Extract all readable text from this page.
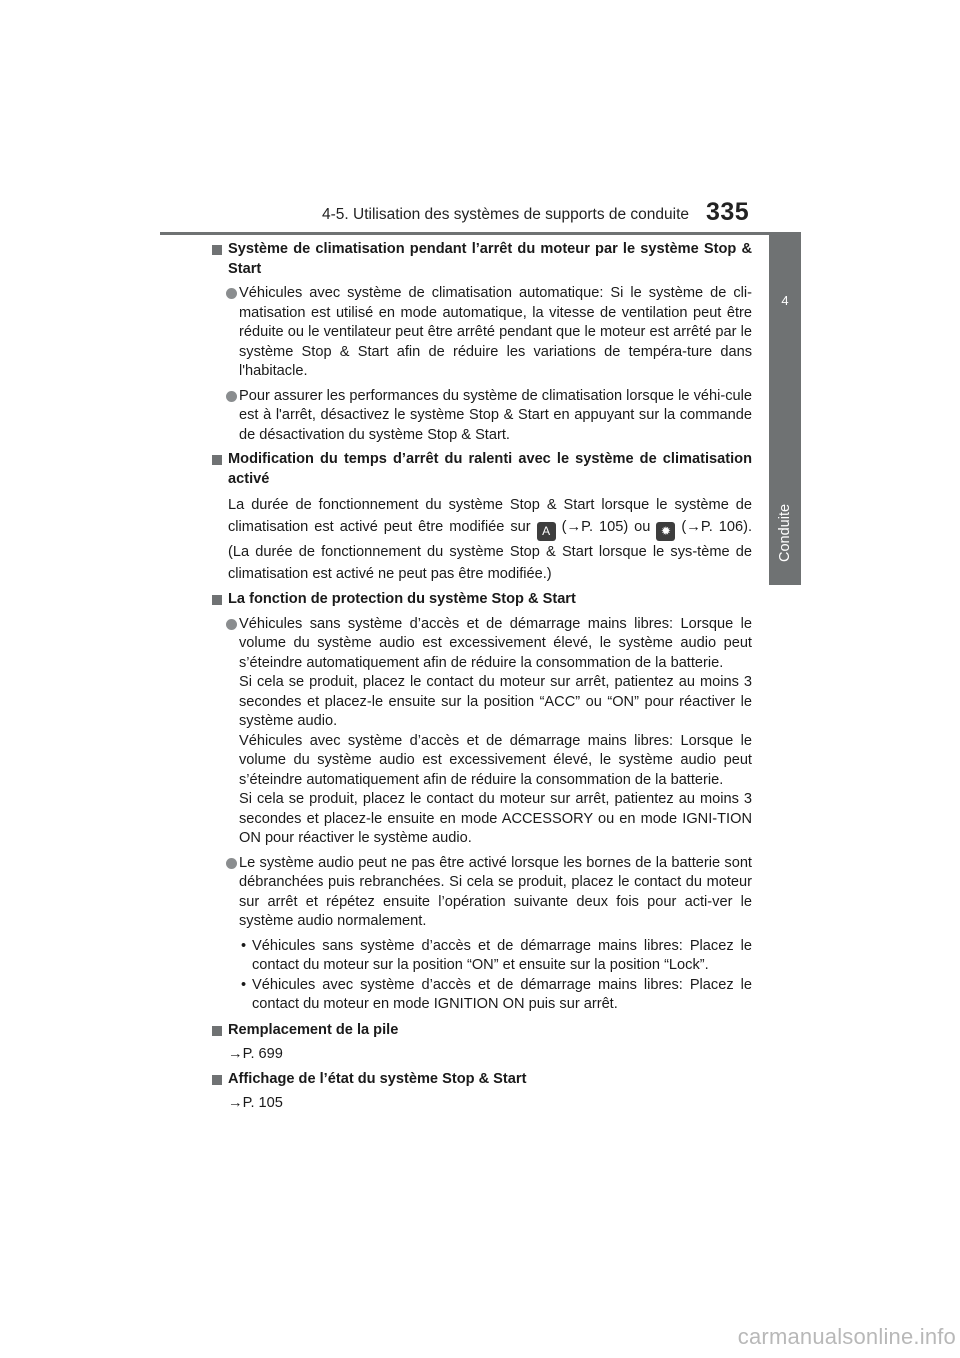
4-5. Utilisation des systèmes de supports de conduite 335
4
Conduite
Système de climatisation pendant l’arrêt du moteur par le système Stop & Start
Véhicules avec système de climatisation automatique: Si le système de cli-matisation est utilisé en mode automatique, la vitesse de ventilation peut être réduite ou le ventilateur peut être arrêté pendant que le moteur est arrêté par le système Stop & Start afin de réduire les variations de tempéra-ture dans l'habitacle.
Pour assurer les performances du système de climatisation lorsque le véhi-cule est à l'arrêt, désactivez le système Stop & Start en appuyant sur la commande de désactivation du système Stop & Start.
Modification du temps d’arrêt du ralenti avec le système de climatisation activé
La durée de fonctionnement du système Stop & Start lorsque le système de climatisation est activé peut être modifiée sur A (→P. 105) ou ✹ (→P. 106). (La durée de fonctionnement du système Stop & Start lorsque le sys-tème de climatisation est activé ne peut pas être modifiée.)
La fonction de protection du système Stop & Start
Véhicules sans système d’accès et de démarrage mains libres: Lorsque le volume du système audio est excessivement élevé, le système audio peut s’éteindre automatiquement afin de réduire la consommation de la batterie.
Si cela se produit, placez le contact du moteur sur arrêt, patientez au moins 3 secondes et placez-le ensuite sur la position “ACC” ou “ON” pour réactiver le système audio.
Véhicules avec système d’accès et de démarrage mains libres: Lorsque le volume du système audio est excessivement élevé, le système audio peut s’éteindre automatiquement afin de réduire la consommation de la batterie.
Si cela se produit, placez le contact du moteur sur arrêt, patientez au moins 3 secondes et placez-le ensuite en mode ACCESSORY ou en mode IGNI-TION ON pour réactiver le système audio.
Le système audio peut ne pas être activé lorsque les bornes de la batterie sont débranchées puis rebranchées. Si cela se produit, placez le contact du moteur sur arrêt et répétez ensuite l’opération suivante deux fois pour acti-ver le système audio normalement.
• Véhicules sans système d’accès et de démarrage mains libres: Placez le contact du moteur sur la position “ON” et ensuite sur la position “Lock”.
• Véhicules avec système d’accès et de démarrage mains libres: Placez le contact du moteur en mode IGNITION ON puis sur arrêt.
Remplacement de la pile
→P. 699
Affichage de l’état du système Stop & Start
→P. 105
carmanualsonline.info
